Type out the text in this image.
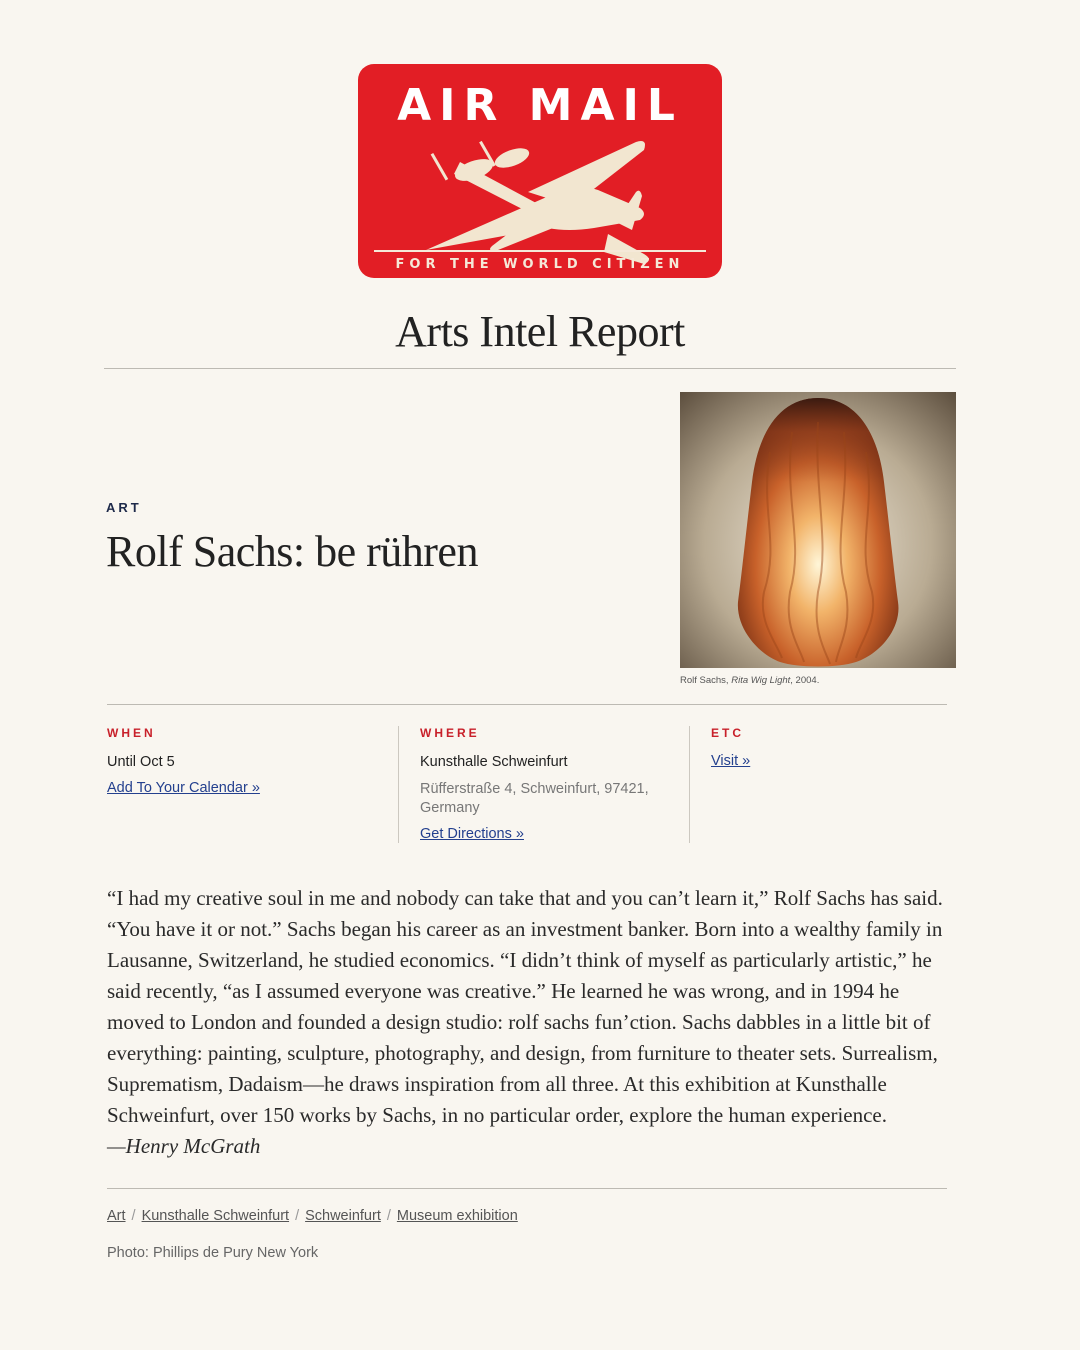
AIR MAIL
FOR THE WORLD CITIZEN
Arts Intel Report
ART
Rolf Sachs: be rühren
Rolf Sachs, Rita Wig Light, 2004.
WHEN
Until Oct 5
Add To Your Calendar »
WHERE
Kunsthalle Schweinfurt
Rüfferstraße 4, Schweinfurt, 97421, Germany
Get Directions »
ETC
Visit »
“I had my creative soul in me and nobody can take that and you can’t learn it,” Rolf Sachs has said. “You have it or not.” Sachs began his career as an investment banker. Born into a wealthy family in Lausanne, Switzerland, he studied economics. “I didn’t think of myself as particularly artistic,” he said recently, “as I assumed everyone was creative.” He learned he was wrong, and in 1994 he moved to London and founded a design studio: rolf sachs fun’ction. Sachs dabbles in a little bit of everything: painting, sculpture, photography, and design, from furniture to theater sets. Surrealism, Suprematism, Dadaism—he draws inspiration from all three. At this exhibition at Kunsthalle Schweinfurt, over 150 works by Sachs, in no particular order, explore the human experience.
—Henry McGrath
Art / Kunsthalle Schweinfurt / Schweinfurt / Museum exhibition
Photo: Phillips de Pury New York
